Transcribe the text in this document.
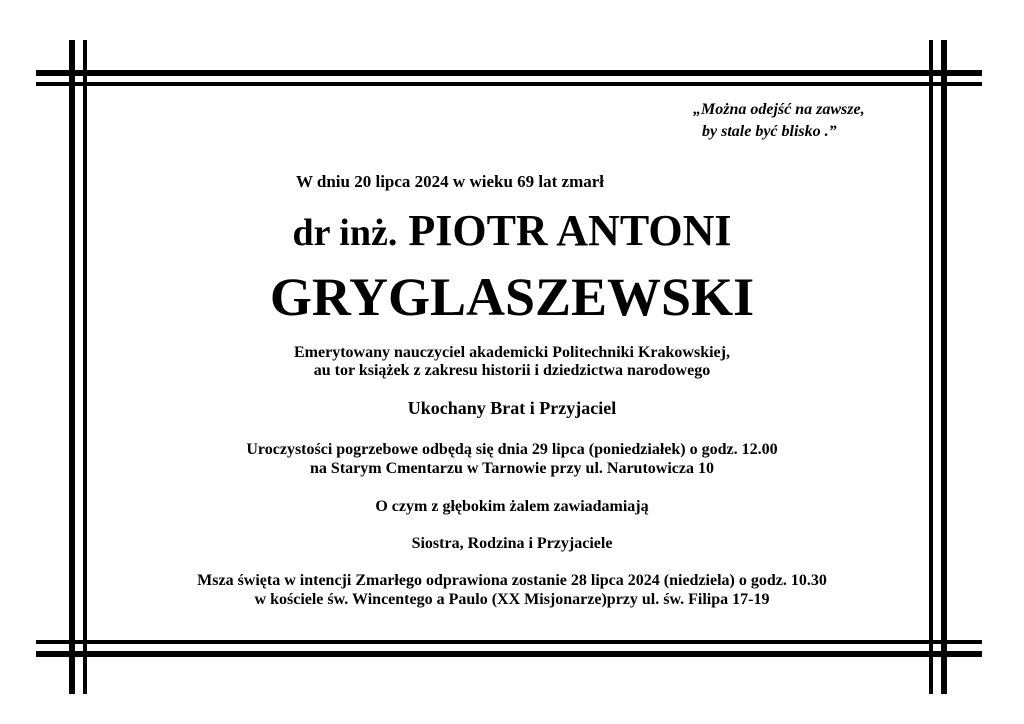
„Można odejść na zawsze,
by stale być blisko .”
W dniu 20 lipca 2024 w wieku 69 lat zmarł
dr inż. PIOTR ANTONI
GRYGLASZEWSKI
Emerytowany nauczyciel akademicki Politechniki Krakowskiej,
au tor książek z zakresu historii i dziedzictwa narodowego
Ukochany Brat i Przyjaciel
Uroczystości pogrzebowe odbędą się dnia 29 lipca (poniedziałek) o godz. 12.00
na Starym Cmentarzu w Tarnowie przy ul. Narutowicza 10
O czym z głębokim żalem zawiadamiają
Siostra, Rodzina i Przyjaciele
Msza święta w intencji Zmarłego odprawiona zostanie 28 lipca 2024 (niedziela) o godz. 10.30
w kościele św. Wincentego a Paulo (XX Misjonarze)przy ul. św. Filipa 17-19
